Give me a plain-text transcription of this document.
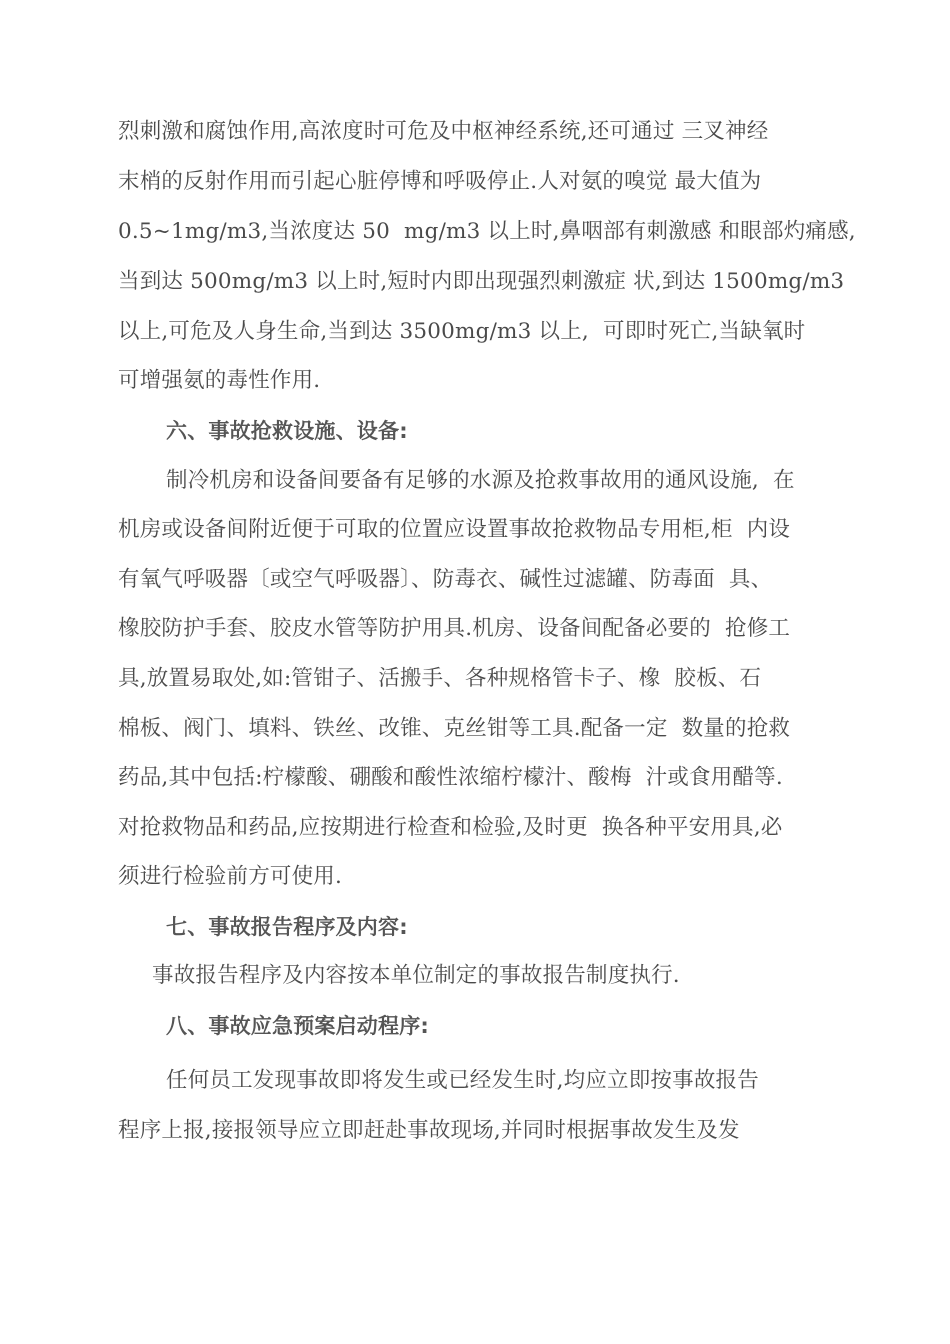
烈刺激和腐蚀作用,高浓度时可危及中枢神经系统,还可通过 三叉神经
末梢的反射作用而引起心脏停博和呼吸停止.人对氨的嗅觉 最大值为
0.5~1mg/m3,当浓度达 50  mg/m3 以上时,鼻咽部有刺激感 和眼部灼痛感,
当到达 500mg/m3 以上时,短时内即出现强烈刺激症 状,到达 1500mg/m3
以上,可危及人身生命,当到达 3500mg/m3 以上,  可即时死亡,当缺氧时
可增强氨的毒性作用.
六、事故抢救设施、设备:
制冷机房和设备间要备有足够的水源及抢救事故用的通风设施,  在
机房或设备间附近便于可取的位置应设置事故抢救物品专用柜,柜  内设
有氧气呼吸器〔或空气呼吸器〕、防毒衣、碱性过滤罐、防毒面  具、
橡胶防护手套、胶皮水管等防护用具.机房、设备间配备必要的  抢修工
具,放置易取处,如:管钳子、活搬手、各种规格管卡子、橡  胶板、石
棉板、阀门、填料、铁丝、改锥、克丝钳等工具.配备一定  数量的抢救
药品,其中包括:柠檬酸、硼酸和酸性浓缩柠檬汁、酸梅  汁或食用醋等.
对抢救物品和药品,应按期进行检查和检验,及时更  换各种平安用具,必
须进行检验前方可使用.
七、事故报告程序及内容:
事故报告程序及内容按本单位制定的事故报告制度执行.
八、事故应急预案启动程序:
任何员工发现事故即将发生或已经发生时,均应立即按事故报告
程序上报,接报领导应立即赶赴事故现场,并同时根据事故发生及发
